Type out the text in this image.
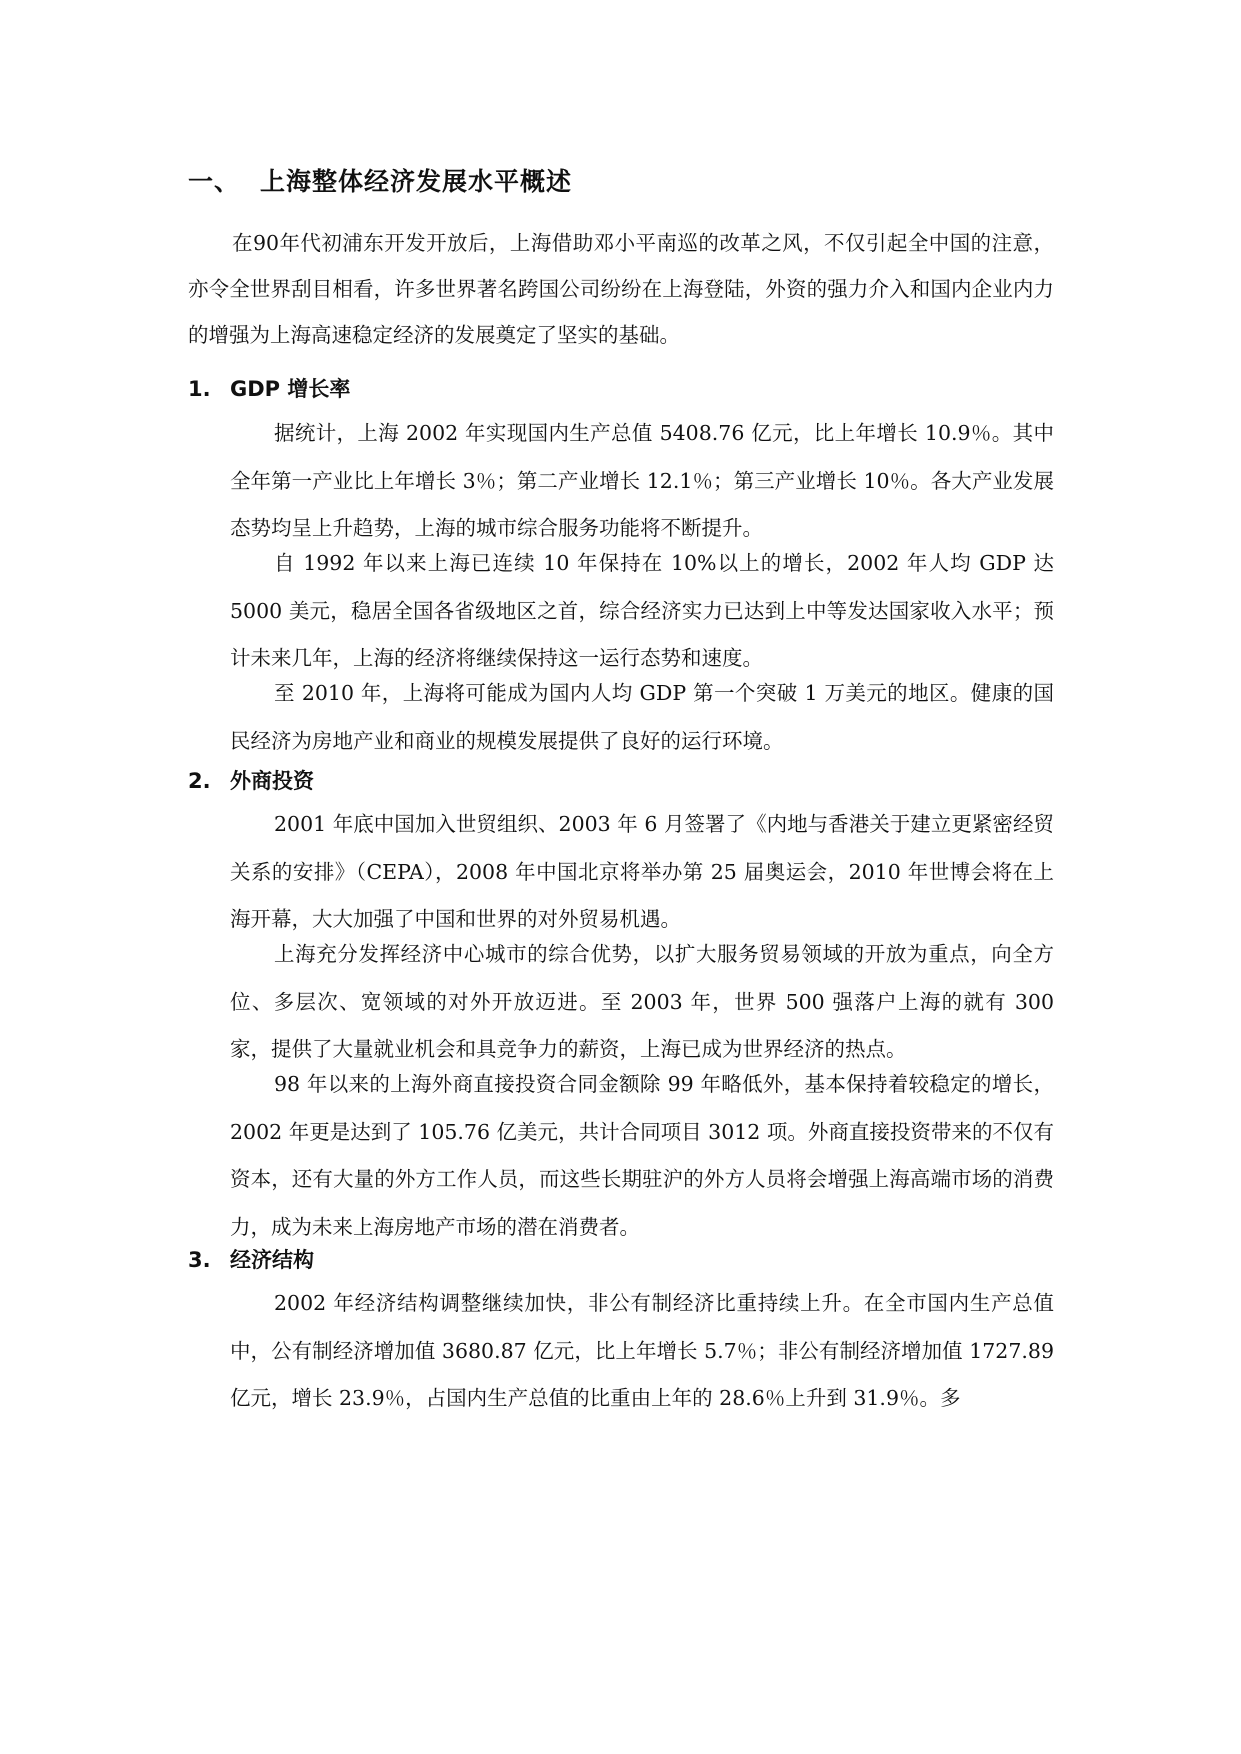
一、 上海整体经济发展水平概述
在90年代初浦东开发开放后，上海借助邓小平南巡的改革之风，不仅引起全中国的注意，亦令全世界刮目相看，许多世界著名跨国公司纷纷在上海登陆，外资的强力介入和国内企业内力的增强为上海高速稳定经济的发展奠定了坚实的基础。
1. GDP 增长率
据统计，上海 2002 年实现国内生产总值 5408.76 亿元，比上年增长 10.9％。其中全年第一产业比上年增长 3％；第二产业增长 12.1％；第三产业增长 10％。各大产业发展态势均呈上升趋势，上海的城市综合服务功能将不断提升。
自 1992 年以来上海已连续 10 年保持在 10%以上的增长，2002 年人均 GDP 达 5000 美元，稳居全国各省级地区之首，综合经济实力已达到上中等发达国家收入水平；预计未来几年，上海的经济将继续保持这一运行态势和速度。
至 2010 年，上海将可能成为国内人均 GDP 第一个突破 1 万美元的地区。健康的国民经济为房地产业和商业的规模发展提供了良好的运行环境。
2. 外商投资
2001 年底中国加入世贸组织、2003 年 6 月签署了《内地与香港关于建立更紧密经贸关系的安排》（CEPA），2008 年中国北京将举办第 25 届奥运会，2010 年世博会将在上海开幕，大大加强了中国和世界的对外贸易机遇。
上海充分发挥经济中心城市的综合优势，以扩大服务贸易领域的开放为重点，向全方位、多层次、宽领域的对外开放迈进。至 2003 年，世界 500 强落户上海的就有 300 家，提供了大量就业机会和具竞争力的薪资，上海已成为世界经济的热点。
98 年以来的上海外商直接投资合同金额除 99 年略低外，基本保持着较稳定的增长，2002 年更是达到了 105.76 亿美元，共计合同项目 3012 项。外商直接投资带来的不仅有资本，还有大量的外方工作人员，而这些长期驻沪的外方人员将会增强上海高端市场的消费力，成为未来上海房地产市场的潜在消费者。
3. 经济结构
2002 年经济结构调整继续加快，非公有制经济比重持续上升。在全市国内生产总值中，公有制经济增加值 3680.87 亿元，比上年增长 5.7％；非公有制经济增加值 1727.89 亿元，增长 23.9％，占国内生产总值的比重由上年的 28.6％上升到 31.9％。多
